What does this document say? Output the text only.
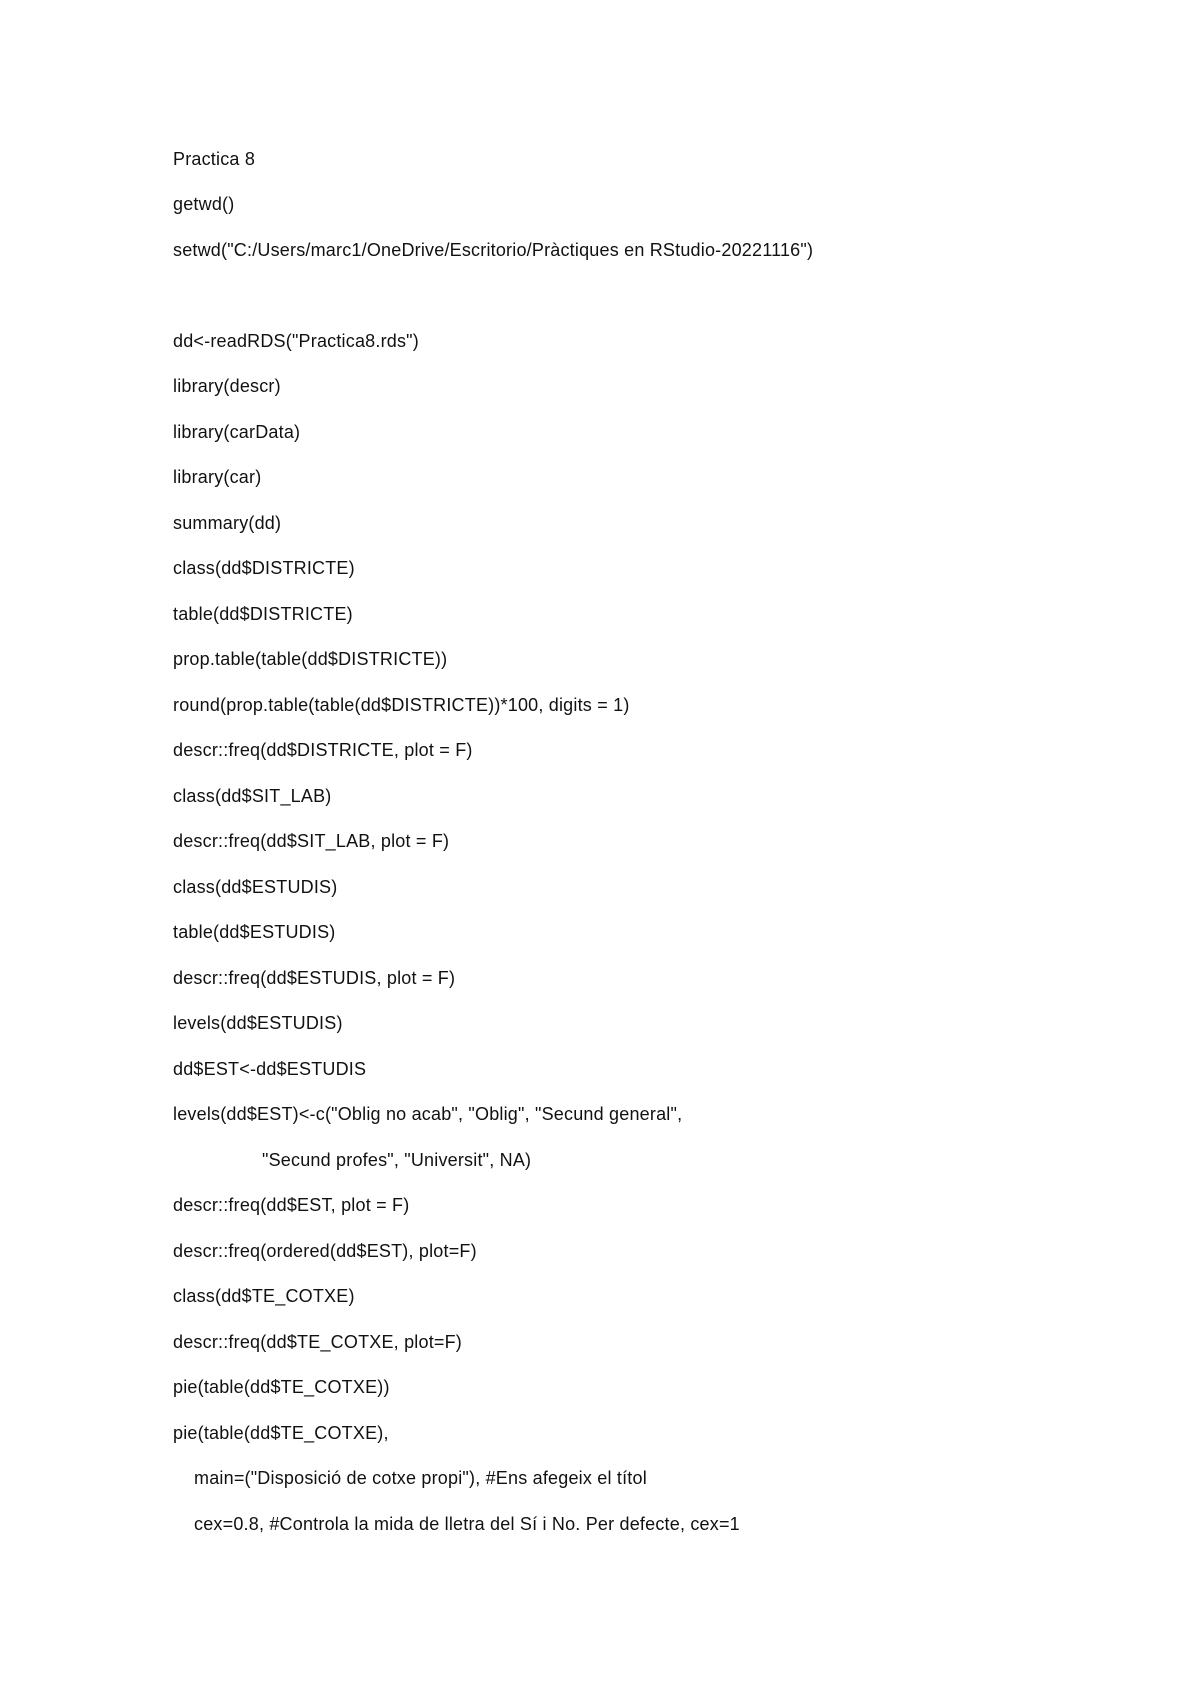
Practica 8
getwd()
setwd("C:/Users/marc1/OneDrive/Escritorio/Pràctiques en RStudio-20221116")
dd<-readRDS("Practica8.rds")
library(descr)
library(carData)
library(car)
summary(dd)
class(dd$DISTRICTE)
table(dd$DISTRICTE)
prop.table(table(dd$DISTRICTE))
round(prop.table(table(dd$DISTRICTE))*100, digits = 1)
descr::freq(dd$DISTRICTE, plot = F)
class(dd$SIT_LAB)
descr::freq(dd$SIT_LAB, plot = F)
class(dd$ESTUDIS)
table(dd$ESTUDIS)
descr::freq(dd$ESTUDIS, plot = F)
levels(dd$ESTUDIS)
dd$EST<-dd$ESTUDIS
levels(dd$EST)<-c("Oblig no acab", "Oblig", "Secund general",
"Secund profes", "Universit", NA)
descr::freq(dd$EST, plot = F)
descr::freq(ordered(dd$EST), plot=F)
class(dd$TE_COTXE)
descr::freq(dd$TE_COTXE, plot=F)
pie(table(dd$TE_COTXE))
pie(table(dd$TE_COTXE),
main=("Disposició de cotxe propi"), #Ens afegeix el títol
cex=0.8, #Controla la mida de lletra del Sí i No. Per defecte, cex=1
